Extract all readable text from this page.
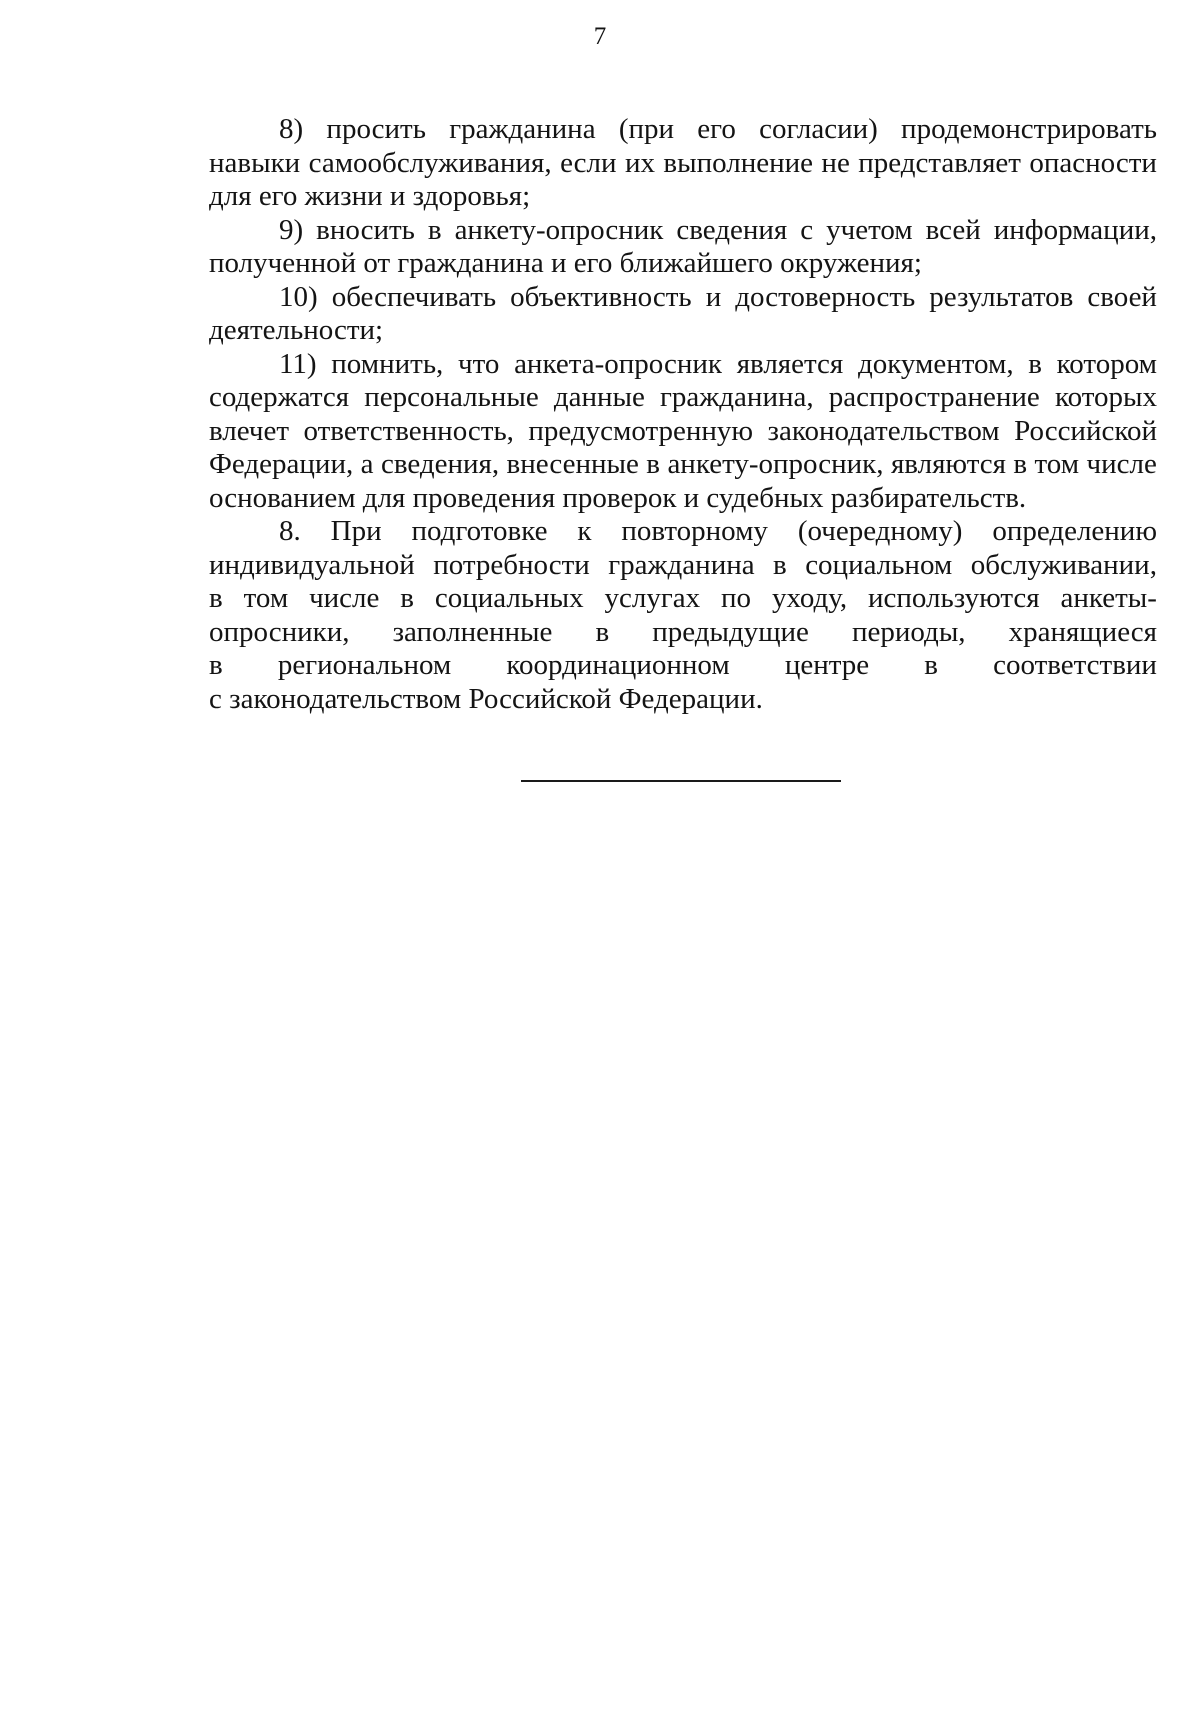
7
8) просить гражданина (при его согласии) продемонстрировать
навыки самообслуживания, если их выполнение не представляет опасности
для его жизни и здоровья;
9) вносить в анкету-опросник сведения с учетом всей информации,
полученной от гражданина и его ближайшего окружения;
10) обеспечивать объективность и достоверность результатов своей
деятельности;
11) помнить, что анкета-опросник является документом, в котором
содержатся персональные данные гражданина, распространение которых
влечет ответственность, предусмотренную законодательством Российской
Федерации, а сведения, внесенные в анкету-опросник, являются в том числе
основанием для проведения проверок и судебных разбирательств.
8. При подготовке к повторному (очередному) определению
индивидуальной потребности гражданина в социальном обслуживании,
в том числе в социальных услугах по уходу, используются анкеты-
опросники, заполненные в предыдущие периоды, хранящиеся
в региональном координационном центре в соответствии
с законодательством Российской Федерации.
